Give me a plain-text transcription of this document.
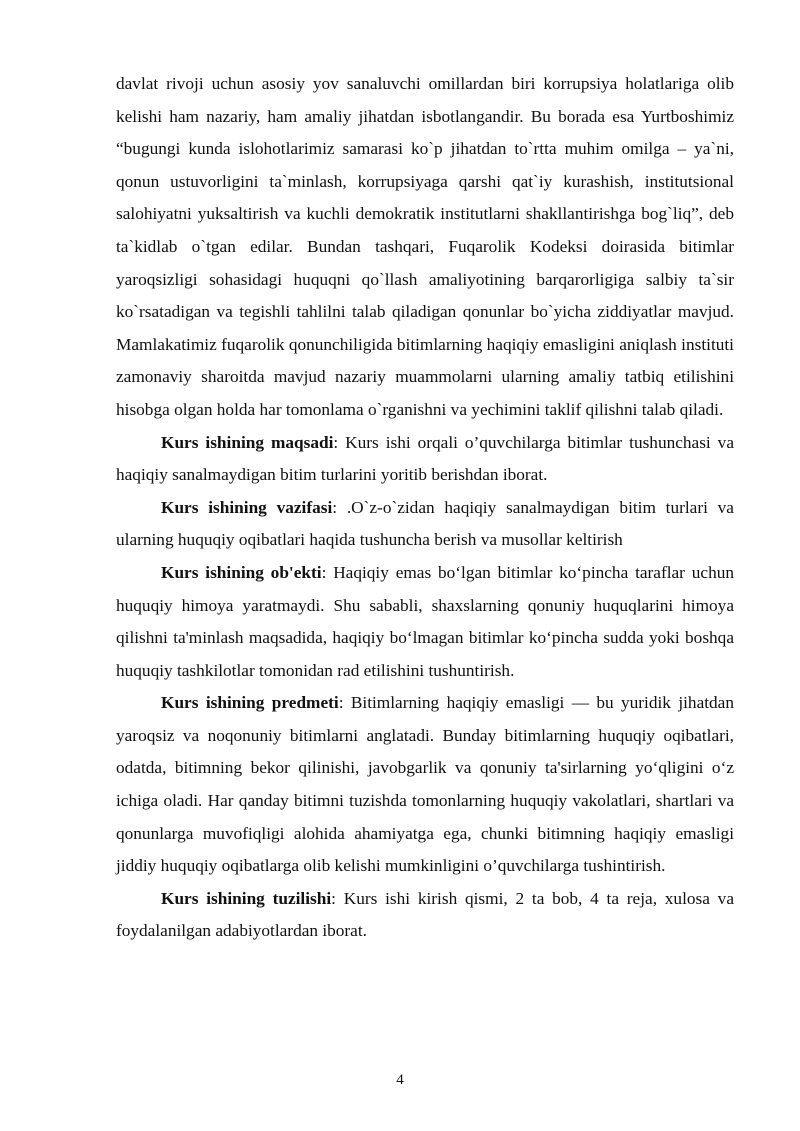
davlat rivoji uchun asosiy yov sanaluvchi omillardan biri korrupsiya holatlariga olib kelishi ham nazariy, ham amaliy jihatdan isbotlangandir. Bu borada esa Yurtboshimiz “bugungi kunda islohotlarimiz samarasi ko`p jihatdan to`rtta muhim omilga – ya`ni, qonun ustuvorligini ta`minlash, korrupsiyaga qarshi qat`iy kurashish, institutsional salohiyatni yuksaltirish va kuchli demokratik institutlarni shakllantirishga bog`liq”, deb ta`kidlab o`tgan edilar. Bundan tashqari, Fuqarolik Kodeksi doirasida bitimlar yaroqsizligi sohasidagi huquqni qo`llash amaliyotining barqarorligiga salbiy ta`sir ko`rsatadigan va tegishli tahlilni talab qiladigan qonunlar bo`yicha ziddiyatlar mavjud. Mamlakatimiz fuqarolik qonunchiligida bitimlarning haqiqiy emasligini aniqlash instituti zamonaviy sharoitda mavjud nazariy muammolarni ularning amaliy tatbiq etilishini hisobga olgan holda har tomonlama o`rganishni va yechimini taklif qilishni talab qiladi.

Kurs ishining maqsadi: Kurs ishi orqali o’quvchilarga bitimlar tushunchasi va haqiqiy sanalmaydigan bitim turlarini yoritib berishdan iborat.

Kurs ishining vazifasi: .O`z-o`zidan haqiqiy sanalmaydigan bitim turlari va ularning huquqiy oqibatlari haqida tushuncha berish va musollar keltirish

Kurs ishining ob'ekti: Haqiqiy emas bo‘lgan bitimlar ko‘pincha taraflar uchun huquqiy himoya yaratmaydi. Shu sababli, shaxslarning qonuniy huquqlarini himoya qilishni ta'minlash maqsadida, haqiqiy bo‘lmagan bitimlar ko‘pincha sudda yoki boshqa huquqiy tashkilotlar tomonidan rad etilishini tushuntirish.

Kurs ishining predmeti: Bitimlarning haqiqiy emasligi — bu yuridik jihatdan yaroqsiz va noqonuniy bitimlarni anglatadi. Bunday bitimlarning huquqiy oqibatlari, odatda, bitimning bekor qilinishi, javobgarlik va qonuniy ta'sirlarning yo‘qligini o‘z ichiga oladi. Har qanday bitimni tuzishda tomonlarning huquqiy vakolatlari, shartlari va qonunlarga muvofiqligi alohida ahamiyatga ega, chunki bitimning haqiqiy emasligi jiddiy huquqiy oqibatlarga olib kelishi mumkinligini o’quvchilarga tushintirish.

Kurs ishining tuzilishi: Kurs ishi kirish qismi, 2 ta bob, 4 ta reja, xulosa va foydalanilgan adabiyotlardan iborat.

4
